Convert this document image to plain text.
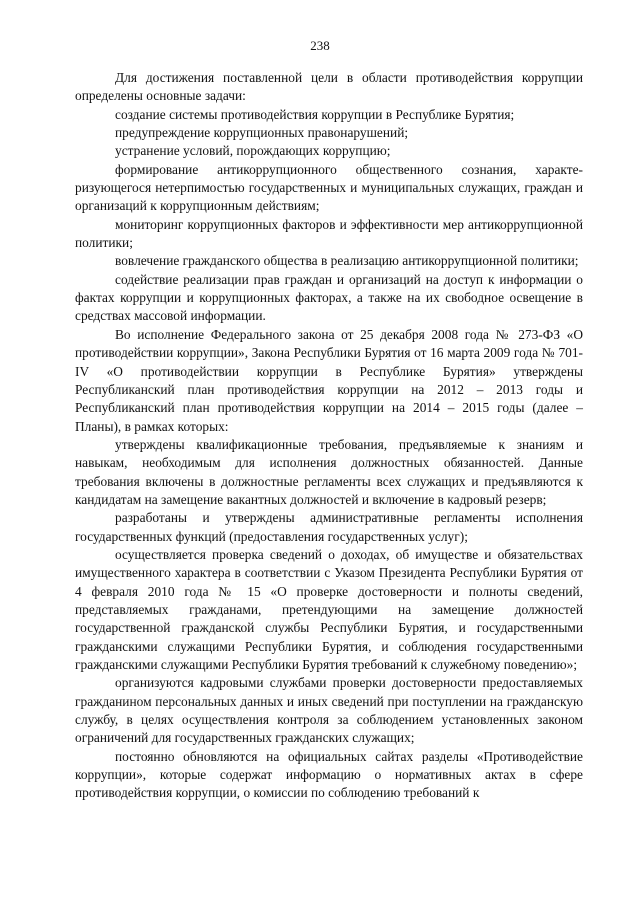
238

Для достижения поставленной цели в области противодействия коррупции определены основные задачи:

создание системы противодействия коррупции в Республике Бурятия;

предупреждение коррупционных правонарушений;

устранение условий, порождающих коррупцию;

формирование антикоррупционного общественного сознания, характеризующегося нетерпимостью государственных и муниципальных служащих, граждан и организаций к коррупционным действиям;

мониторинг коррупционных факторов и эффективности мер антикоррупционной политики;

вовлечение гражданского общества в реализацию антикоррупционной политики;

содействие реализации прав граждан и организаций на доступ к информации о фактах коррупции и коррупционных факторах, а также на их свободное освещение в средствах массовой информации.

Во исполнение Федерального закона от 25 декабря 2008 года № 273-ФЗ «О противодействии коррупции», Закона Республики Бурятия от 16 марта 2009 года № 701-IV «О противодействии коррупции в Республике Бурятия» утверждены Республиканский план противодействия коррупции на 2012 – 2013 годы и Республиканский план противодействия коррупции на 2014 – 2015 годы (далее – Планы), в рамках которых:

утверждены квалификационные требования, предъявляемые к знаниям и навыкам, необходимым для исполнения должностных обязанностей. Данные требования включены в должностные регламенты всех служащих и предъявляются к кандидатам на замещение вакантных должностей и включение в кадровый резерв;

разработаны и утверждены административные регламенты исполнения государственных функций (предоставления государственных услуг);

осуществляется проверка сведений о доходах, об имуществе и обязательствах имущественного характера в соответствии с Указом Президента Республики Бурятия от 4 февраля 2010 года № 15 «О проверке достоверности и полноты сведений, представляемых гражданами, претендующими на замещение должностей государственной гражданской службы Республики Бурятия, и государственными гражданскими служащими Республики Бурятия, и соблюдения государственными гражданскими служащими Республики Бурятия требований к служебному поведению»;

организуются кадровыми службами проверки достоверности предоставляемых гражданином персональных данных и иных сведений при поступлении на гражданскую службу, в целях осуществления контроля за соблюдением установленных законом ограничений для государственных гражданских служащих;

постоянно обновляются на официальных сайтах разделы «Противодействие коррупции», которые содержат информацию о нормативных актах в сфере противодействия коррупции, о комиссии по соблюдению требований к
